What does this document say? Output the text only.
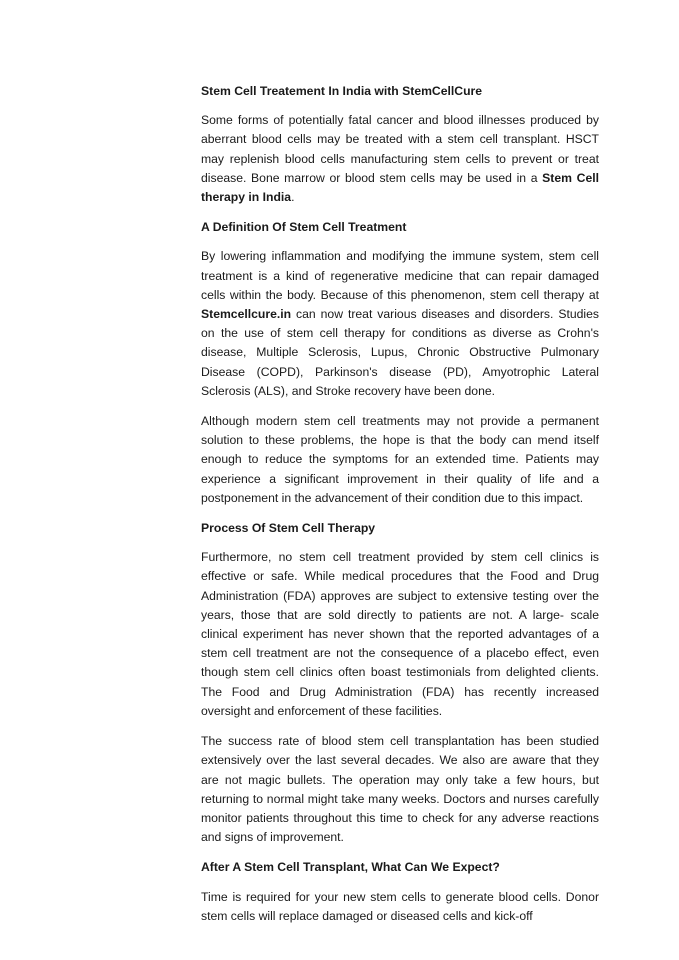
Stem Cell Treatement In India with StemCellCure
Some forms of potentially fatal cancer and blood illnesses produced by aberrant blood cells may be treated with a stem cell transplant. HSCT may replenish blood cells manufacturing stem cells to prevent or treat disease. Bone marrow or blood stem cells may be used in a Stem Cell therapy in India.
A Definition Of Stem Cell Treatment
By lowering inflammation and modifying the immune system, stem cell treatment is a kind of regenerative medicine that can repair damaged cells within the body. Because of this phenomenon, stem cell therapy at Stemcellcure.in can now treat various diseases and disorders. Studies on the use of stem cell therapy for conditions as diverse as Crohn's disease, Multiple Sclerosis, Lupus, Chronic Obstructive Pulmonary Disease (COPD), Parkinson's disease (PD), Amyotrophic Lateral Sclerosis (ALS), and Stroke recovery have been done.
Although modern stem cell treatments may not provide a permanent solution to these problems, the hope is that the body can mend itself enough to reduce the symptoms for an extended time. Patients may experience a significant improvement in their quality of life and a postponement in the advancement of their condition due to this impact.
Process Of Stem Cell Therapy
Furthermore, no stem cell treatment provided by stem cell clinics is effective or safe. While medical procedures that the Food and Drug Administration (FDA) approves are subject to extensive testing over the years, those that are sold directly to patients are not. A large- scale clinical experiment has never shown that the reported advantages of a stem cell treatment are not the consequence of a placebo effect, even though stem cell clinics often boast testimonials from delighted clients. The Food and Drug Administration (FDA) has recently increased oversight and enforcement of these facilities.
The success rate of blood stem cell transplantation has been studied extensively over the last several decades. We also are aware that they are not magic bullets. The operation may only take a few hours, but returning to normal might take many weeks. Doctors and nurses carefully monitor patients throughout this time to check for any adverse reactions and signs of improvement.
After A Stem Cell Transplant, What Can We Expect?
Time is required for your new stem cells to generate blood cells. Donor stem cells will replace damaged or diseased cells and kick-off
